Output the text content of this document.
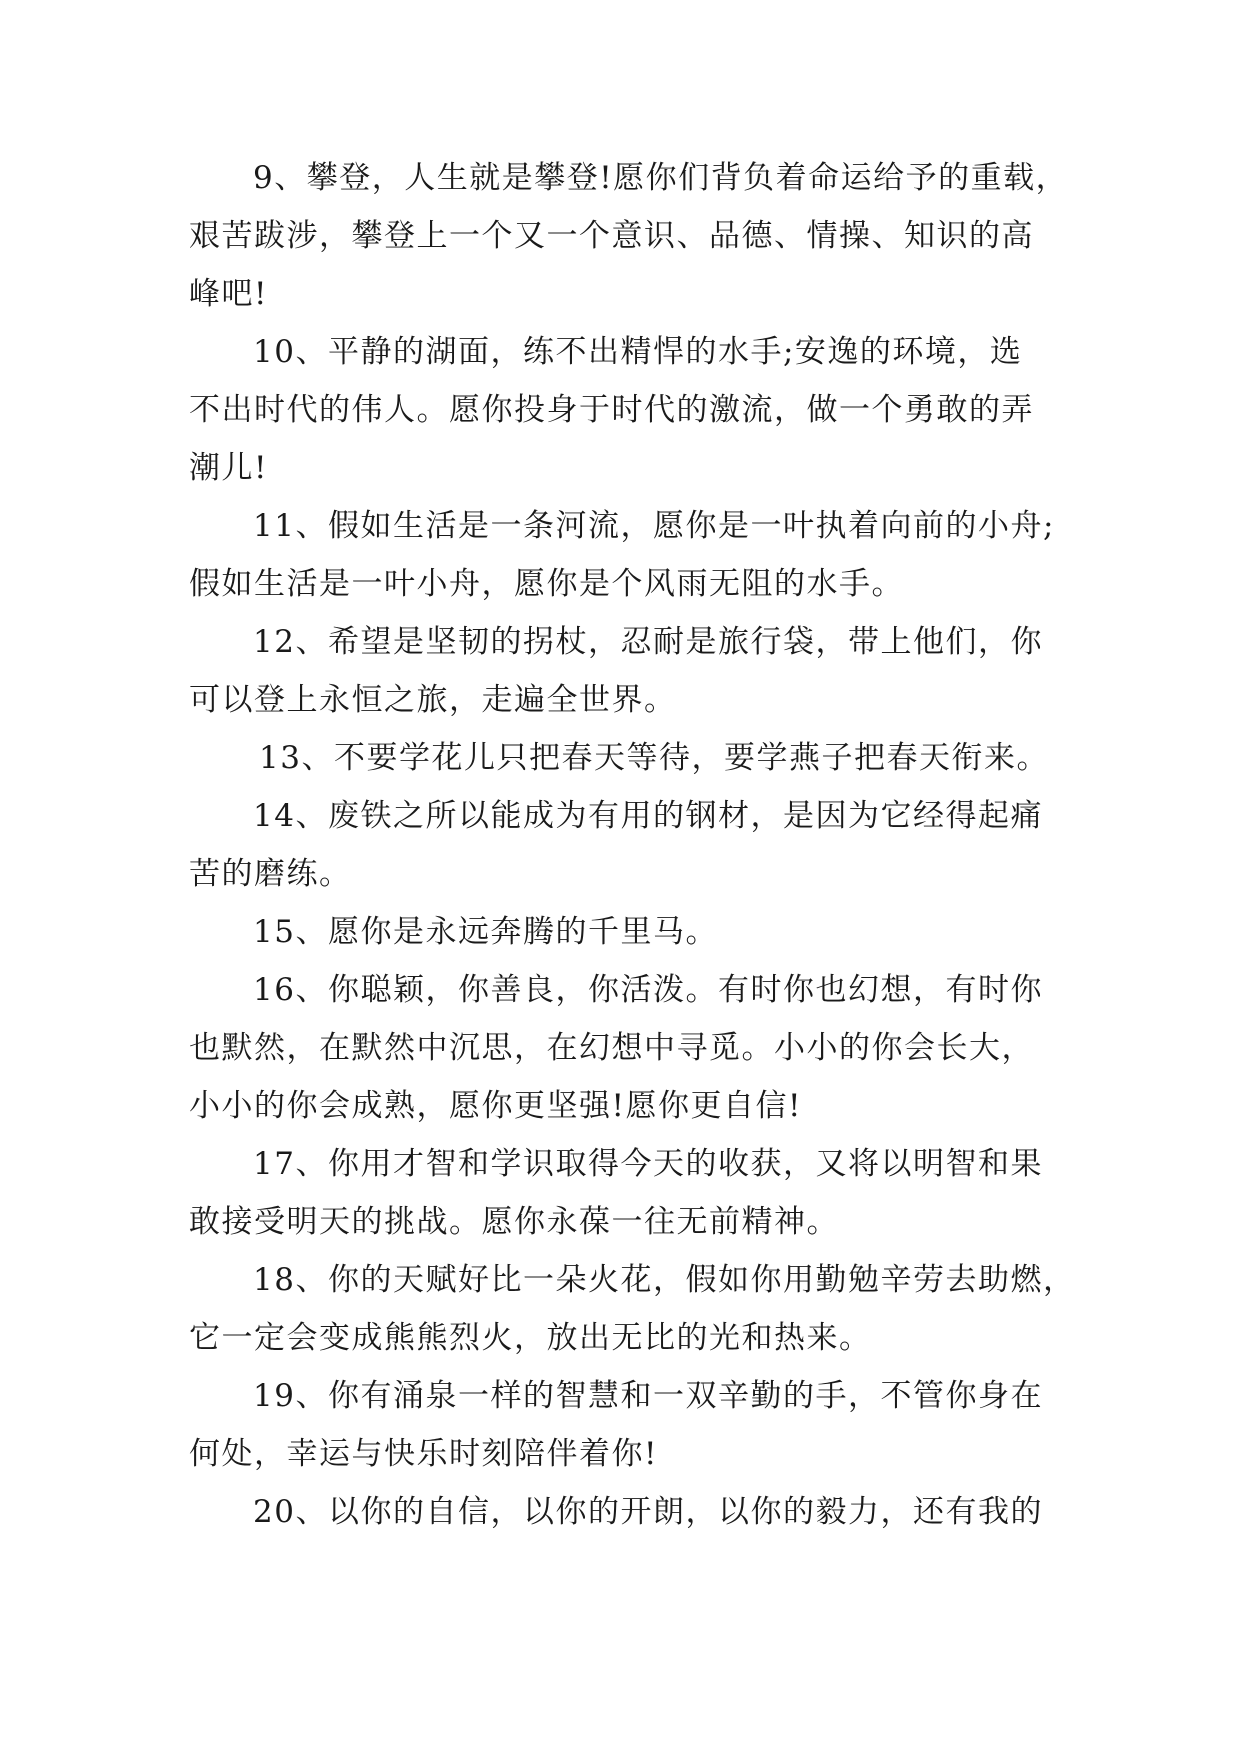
9、攀登，人生就是攀登!愿你们背负着命运给予的重载，
艰苦跋涉，攀登上一个又一个意识、品德、情操、知识的高
峰吧!
10、平静的湖面，练不出精悍的水手;安逸的环境，选
不出时代的伟人。愿你投身于时代的激流，做一个勇敢的弄
潮儿!
11、假如生活是一条河流，愿你是一叶执着向前的小舟;
假如生活是一叶小舟，愿你是个风雨无阻的水手。
12、希望是坚韧的拐杖，忍耐是旅行袋，带上他们，你
可以登上永恒之旅，走遍全世界。
13、不要学花儿只把春天等待，要学燕子把春天衔来。
14、废铁之所以能成为有用的钢材，是因为它经得起痛
苦的磨练。
15、愿你是永远奔腾的千里马。
16、你聪颖，你善良，你活泼。有时你也幻想，有时你
也默然，在默然中沉思，在幻想中寻觅。小小的你会长大，
小小的你会成熟，愿你更坚强!愿你更自信!
17、你用才智和学识取得今天的收获，又将以明智和果
敢接受明天的挑战。愿你永葆一往无前精神。
18、你的天赋好比一朵火花，假如你用勤勉辛劳去助燃，
它一定会变成熊熊烈火，放出无比的光和热来。
19、你有涌泉一样的智慧和一双辛勤的手，不管你身在
何处，幸运与快乐时刻陪伴着你!
20、以你的自信，以你的开朗，以你的毅力，还有我的
